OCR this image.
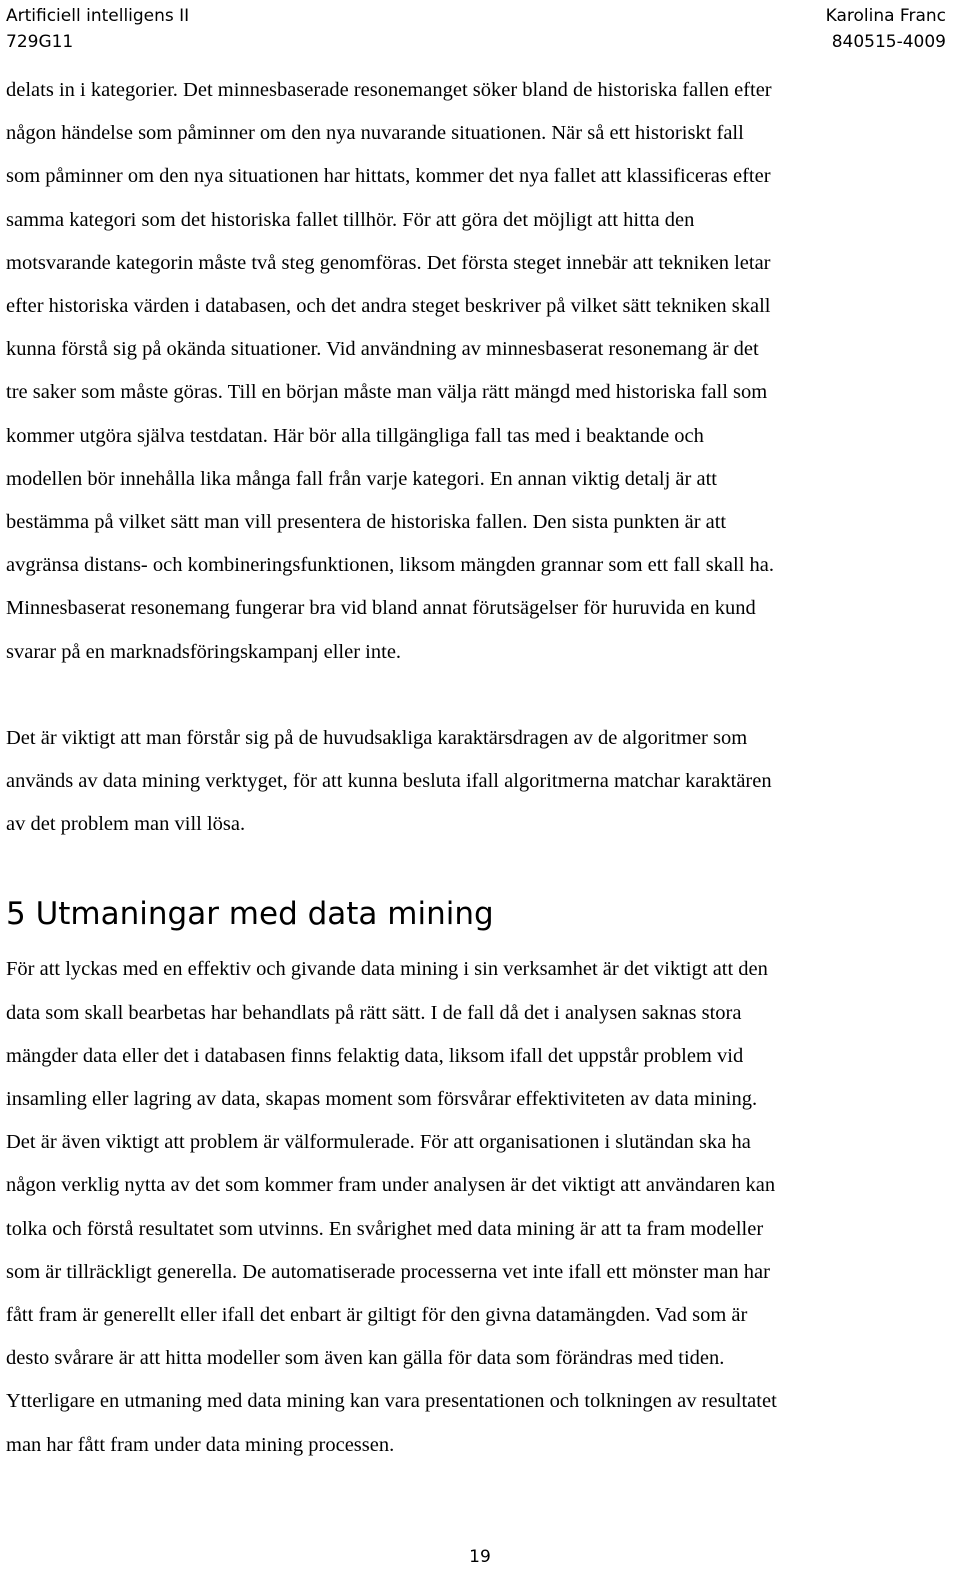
Artificiell intelligens II
729G11
Karolina Franc
840515-4009

delats in i kategorier. Det minnesbaserade resonemanget söker bland de historiska fallen efter
någon händelse som påminner om den nya nuvarande situationen. När så ett historiskt fall
som påminner om den nya situationen har hittats, kommer det nya fallet att klassificeras efter
samma kategori som det historiska fallet tillhör. För att göra det möjligt att hitta den
motsvarande kategorin måste två steg genomföras. Det första steget innebär att tekniken letar
efter historiska värden i databasen, och det andra steget beskriver på vilket sätt tekniken skall
kunna förstå sig på okända situationer. Vid användning av minnesbaserat resonemang är det
tre saker som måste göras. Till en början måste man välja rätt mängd med historiska fall som
kommer utgöra själva testdatan. Här bör alla tillgängliga fall tas med i beaktande och
modellen bör innehålla lika många fall från varje kategori. En annan viktig detalj är att
bestämma på vilket sätt man vill presentera de historiska fallen. Den sista punkten är att
avgränsa distans- och kombineringsfunktionen, liksom mängden grannar som ett fall skall ha.
Minnesbaserat resonemang fungerar bra vid bland annat förutsägelser för huruvida en kund
svarar på en marknadsföringskampanj eller inte.

Det är viktigt att man förstår sig på de huvudsakliga karaktärsdragen av de algoritmer som
används av data mining verktyget, för att kunna besluta ifall algoritmerna matchar karaktären
av det problem man vill lösa.

5 Utmaningar med data mining

För att lyckas med en effektiv och givande data mining i sin verksamhet är det viktigt att den
data som skall bearbetas har behandlats på rätt sätt. I de fall då det i analysen saknas stora
mängder data eller det i databasen finns felaktig data, liksom ifall det uppstår problem vid
insamling eller lagring av data, skapas moment som försvårar effektiviteten av data mining.
Det är även viktigt att problem är välformulerade. För att organisationen i slutändan ska ha
någon verklig nytta av det som kommer fram under analysen är det viktigt att användaren kan
tolka och förstå resultatet som utvinns. En svårighet med data mining är att ta fram modeller
som är tillräckligt generella. De automatiserade processerna vet inte ifall ett mönster man har
fått fram är generellt eller ifall det enbart är giltigt för den givna datamängden. Vad som är
desto svårare är att hitta modeller som även kan gälla för data som förändras med tiden.
Ytterligare en utmaning med data mining kan vara presentationen och tolkningen av resultatet
man har fått fram under data mining processen.

19
